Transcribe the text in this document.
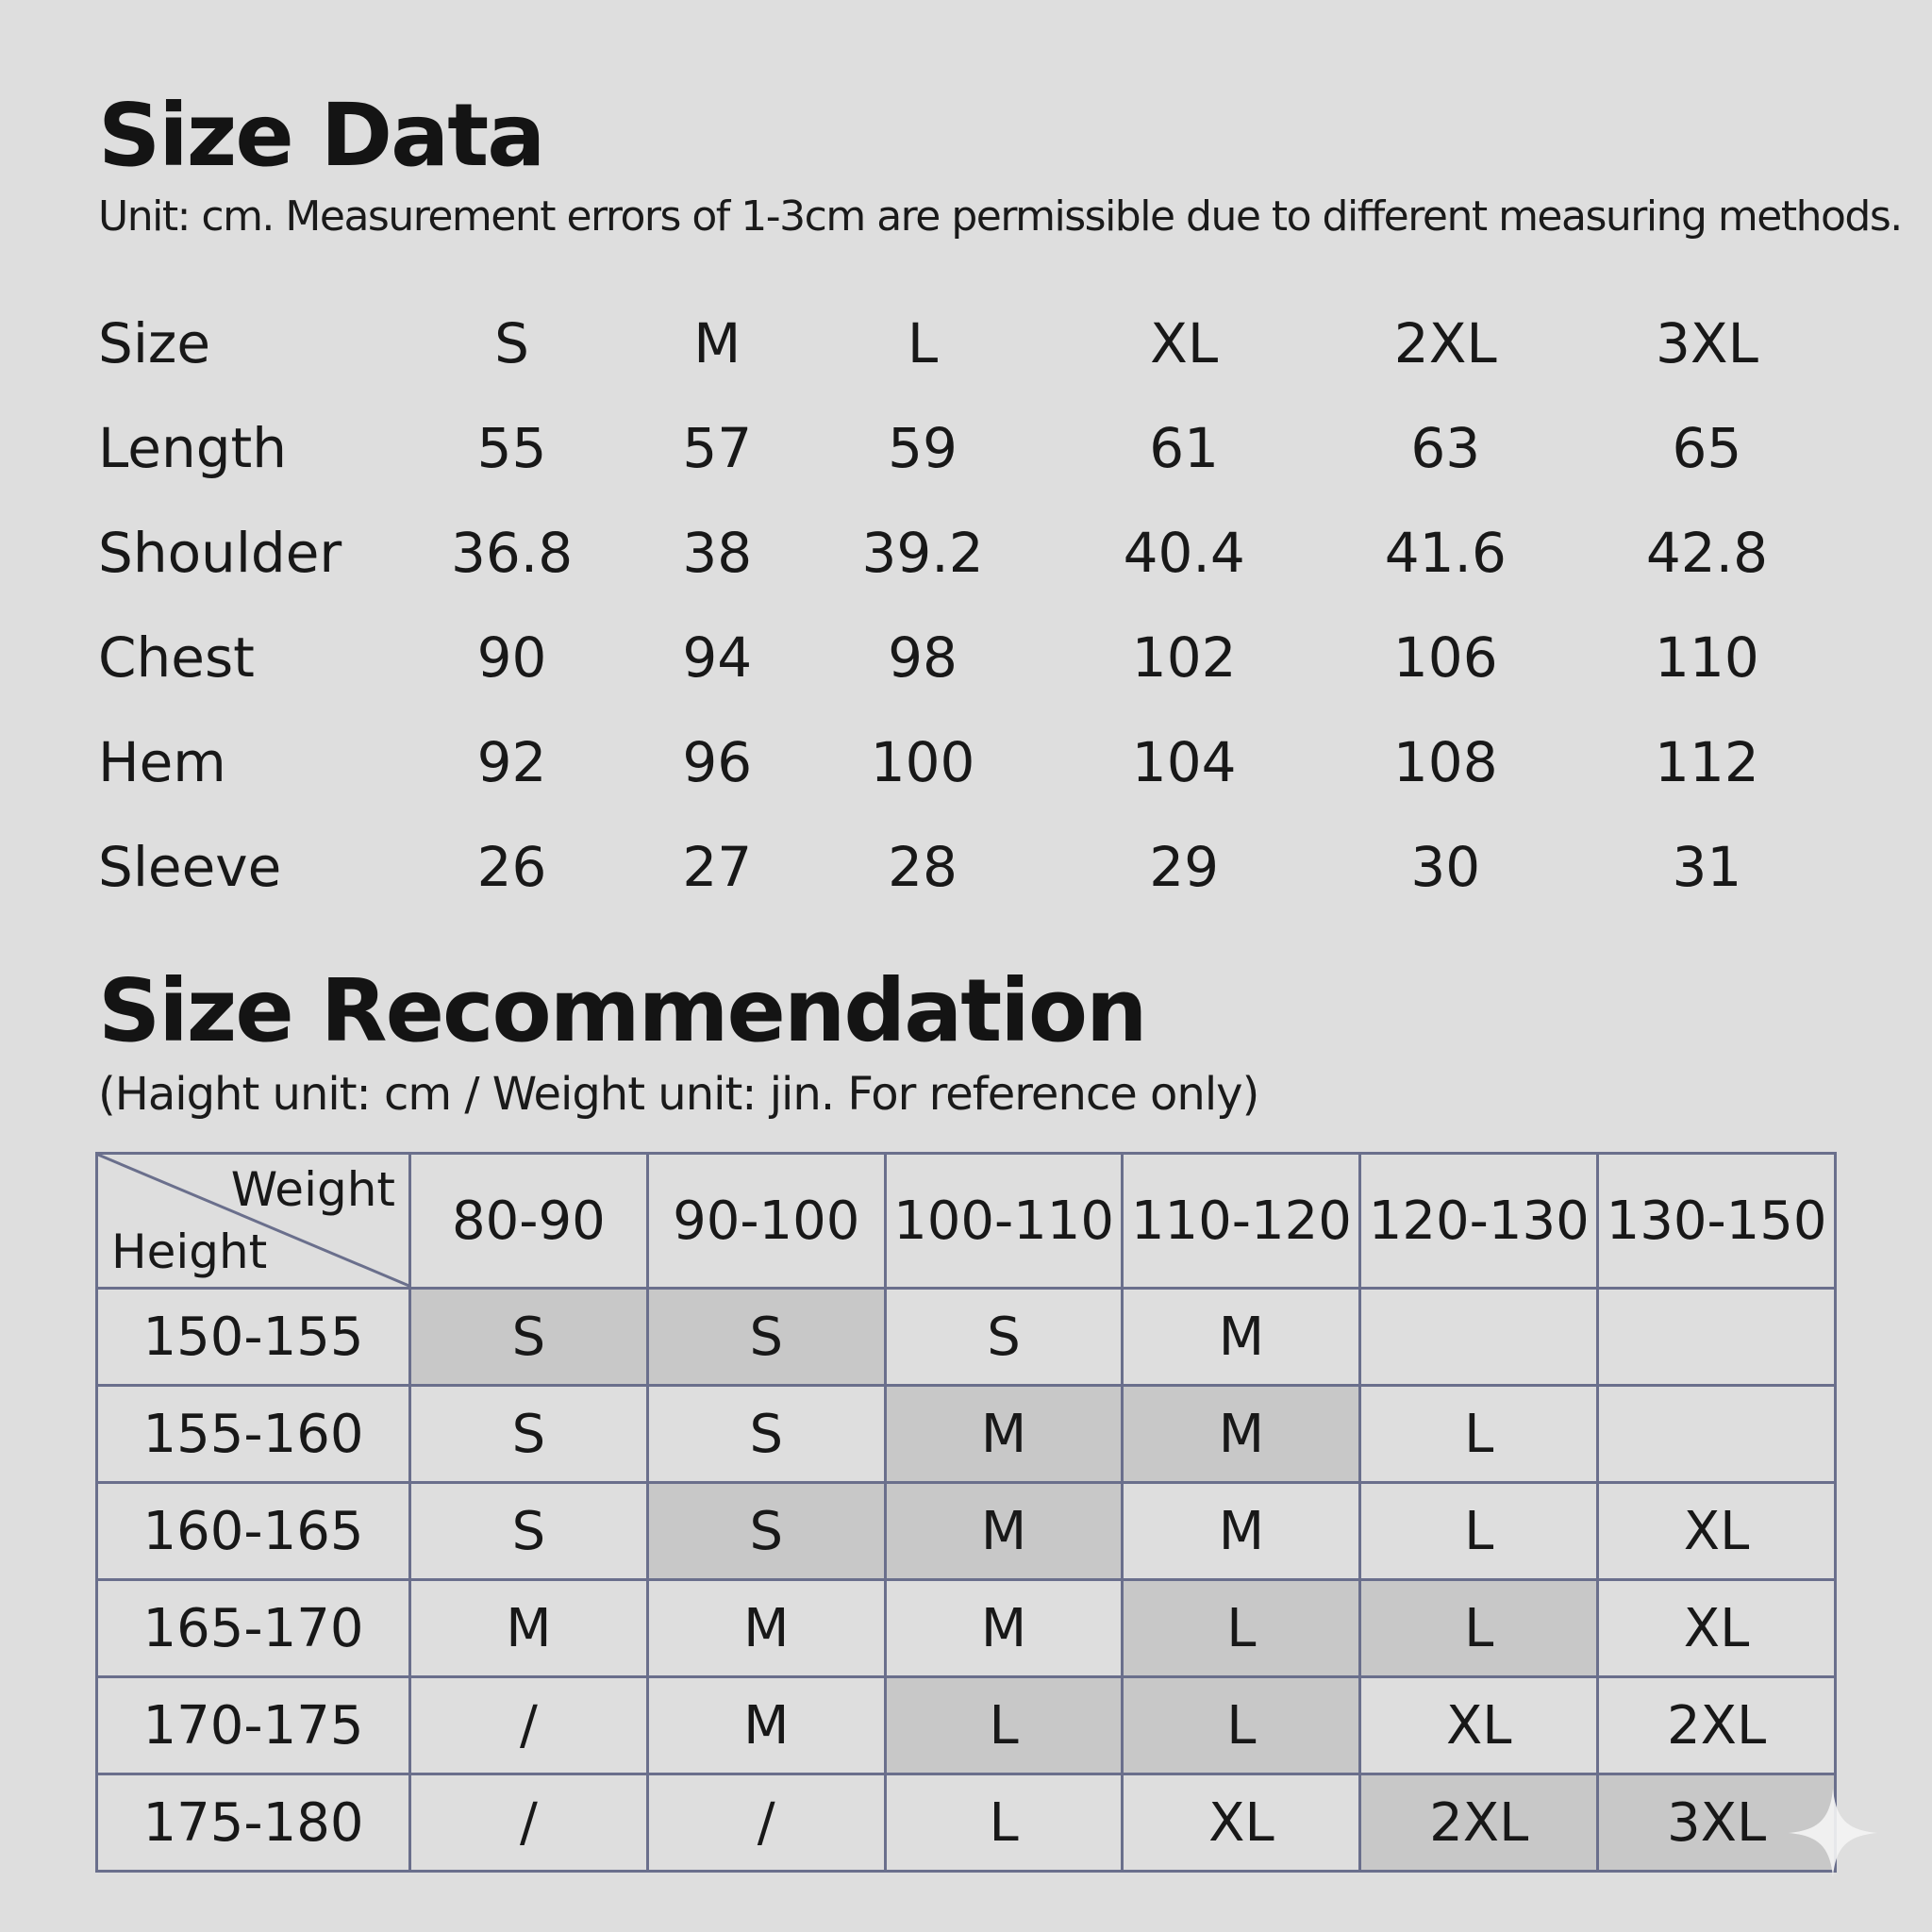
Size Data

Unit: cm. Measurement errors of 1-3cm are permissible due to different measuring methods.

Size	S	M	L	XL	2XL	3XL
Length	55	57	59	61	63	65
Shoulder	36.8	38	39.2	40.4	41.6	42.8
Chest	90	94	98	102	106	110
Hem	92	96	100	104	108	112
Sleeve	26	27	28	29	30	31
Size Recommendation

(Haight unit: cm / Weight unit: jin. For reference only)

Weight
Height	80-90	90-100	100-110	110-120	120-130	130-150
150-155	S	S	S	M		
155-160	S	S	M	M	L	
160-165	S	S	M	M	L	XL
165-170	M	M	M	L	L	XL
170-175	/	M	L	L	XL	2XL
175-180	/	/	L	XL	2XL	3XL
